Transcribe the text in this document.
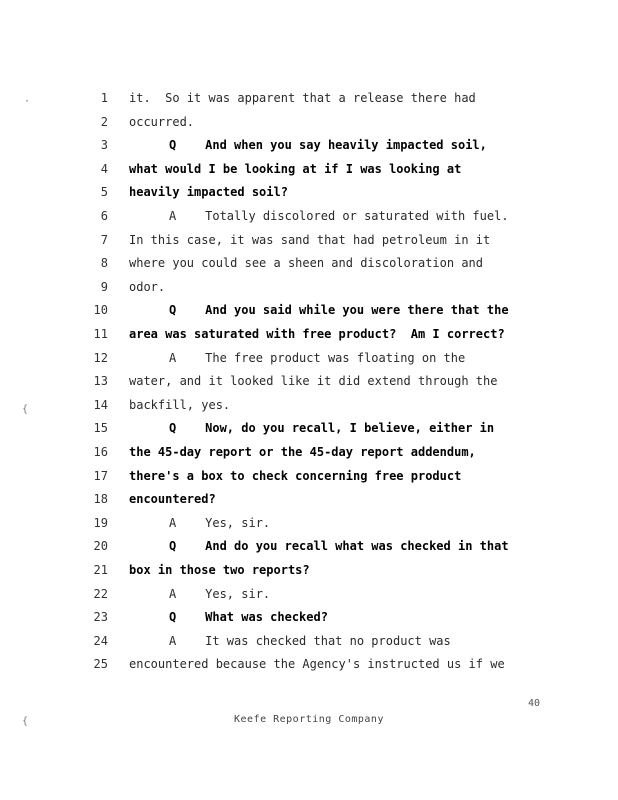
·
{
{
1 it.  So it was apparent that a release there had
2 occurred.
3	Q    And when you say heavily impacted soil,
4 what would I be looking at if I was looking at
5 heavily impacted soil?
6	A    Totally discolored or saturated with fuel.
7 In this case, it was sand that had petroleum in it
8 where you could see a sheen and discoloration and
9 odor.
10	Q    And you said while you were there that the
11 area was saturated with free product?  Am I correct?
12	A    The free product was floating on the
13 water, and it looked like it did extend through the
14 backfill, yes.
15	Q    Now, do you recall, I believe, either in
16 the 45-day report or the 45-day report addendum,
17 there's a box to check concerning free product
18 encountered?
19	A    Yes, sir.
20	Q    And do you recall what was checked in that
21 box in those two reports?
22	A    Yes, sir.
23	Q    What was checked?
24	A    It was checked that no product was
25 encountered because the Agency's instructed us if we
40
Keefe Reporting Company
